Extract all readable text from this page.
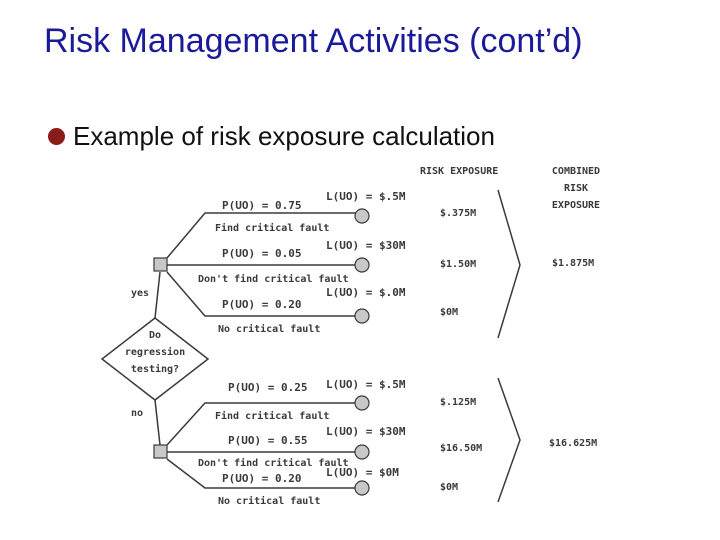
Risk Management Activities (cont’d)
Example of risk exposure calculation
Do
regression
testing?
yes
no
RISK EXPOSURE	COMBINED
RISK
EXPOSURE
P(UO) = 0.75
Find critical fault
L(UO) = $.5M
$.375M
P(UO) = 0.05
Don't find critical fault
L(UO) = $30M
$1.50M
P(UO) = 0.20
No critical fault
L(UO) = $.0M
$0M
$1.875M
P(UO) = 0.25
Find critical fault
L(UO) = $.5M
$.125M
P(UO) = 0.55
Don't find critical fault
L(UO) = $30M
$16.50M
P(UO) = 0.20
No critical fault
L(UO) = $0M
$0M
$16.625M
